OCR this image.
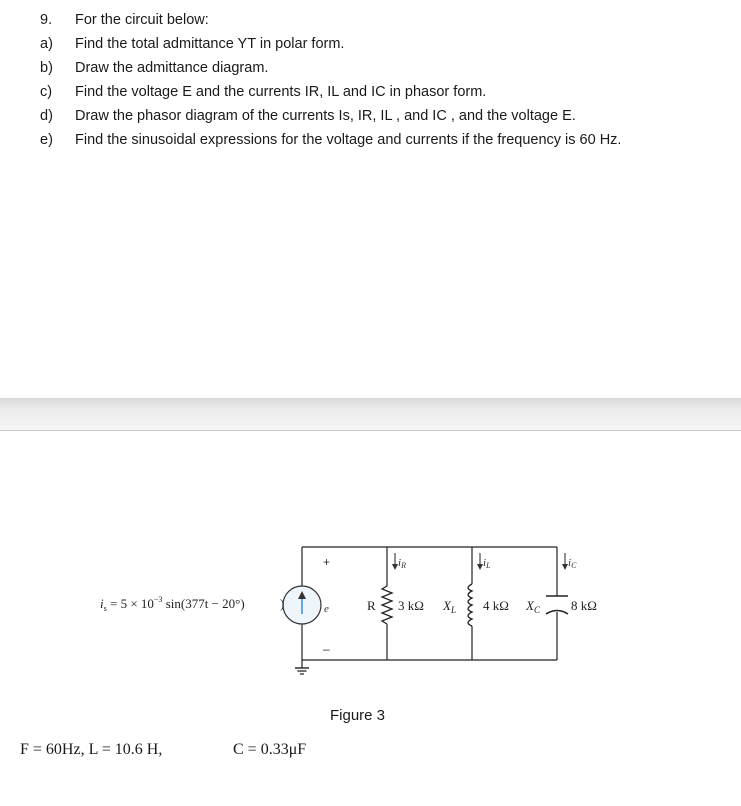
9. For the circuit below:
a) Find the total admittance YT in polar form.
b) Draw the admittance diagram.
c) Find the voltage E and the currents IR, IL and IC in phasor form.
d) Draw the phasor diagram of the currents Is, IR, IL , and IC , and the voltage E.
e) Find the sinusoidal expressions for the voltage and currents if the frequency is 60 Hz.
$i_s = 5 \times 10^{-3}$ sin(377t − 20°)	)
+
–
e
iR	iL	iC
R 3 kΩ $X_L$ 4 kΩ $X_C$ 8 kΩ
Figure 3
F = 60Hz, L = 10.6 H,	C = 0.33μF
